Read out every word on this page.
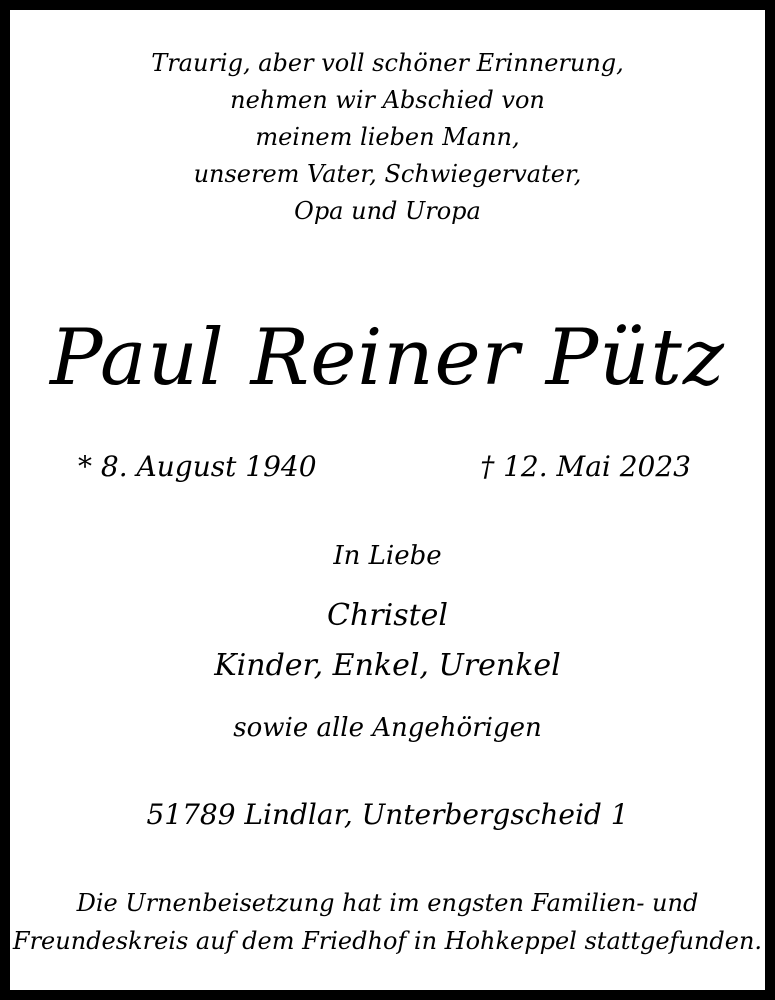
Traurig, aber voll schöner Erinnerung,
nehmen wir Abschied von
meinem lieben Mann,
unserem Vater, Schwiegervater,
Opa und Uropa
Paul Reiner Pütz
* 8. August 1940	† 12. Mai 2023
In Liebe
Christel
Kinder, Enkel, Urenkel
sowie alle Angehörigen
51789 Lindlar, Unterbergscheid 1
Die Urnenbeisetzung hat im engsten Familien- und
Freundeskreis auf dem Friedhof in Hohkeppel stattgefunden.
